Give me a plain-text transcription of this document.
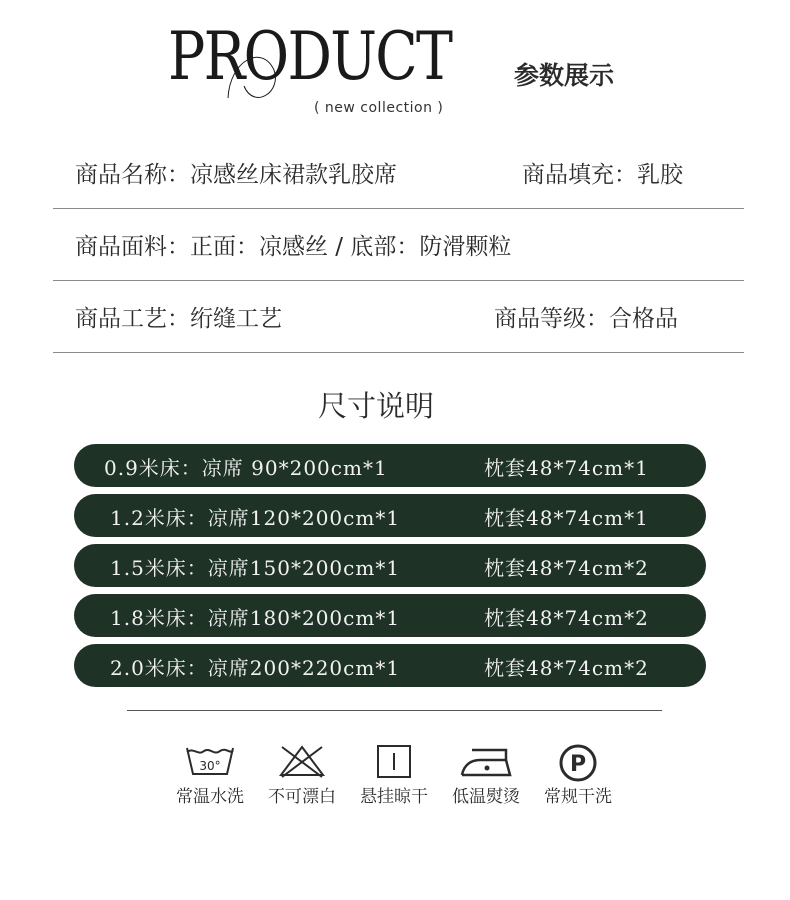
PRODUCT
( new collection )
参数展示
商品名称：凉感丝床裙款乳胶席	商品填充：乳胶
商品面料：正面：凉感丝 / 底部：防滑颗粒
商品工艺：绗缝工艺	商品等级：合格品
尺寸说明
0.9米床：凉席 90*200cm*1	枕套48*74cm*1
1.2米床：凉席120*200cm*1	枕套48*74cm*1
1.5米床：凉席150*200cm*1	枕套48*74cm*2
1.8米床：凉席180*200cm*1	枕套48*74cm*2
2.0米床：凉席200*220cm*1	枕套48*74cm*2
30°
常温水洗	不可漂白	悬挂晾干	低温熨烫
P
常规干洗
